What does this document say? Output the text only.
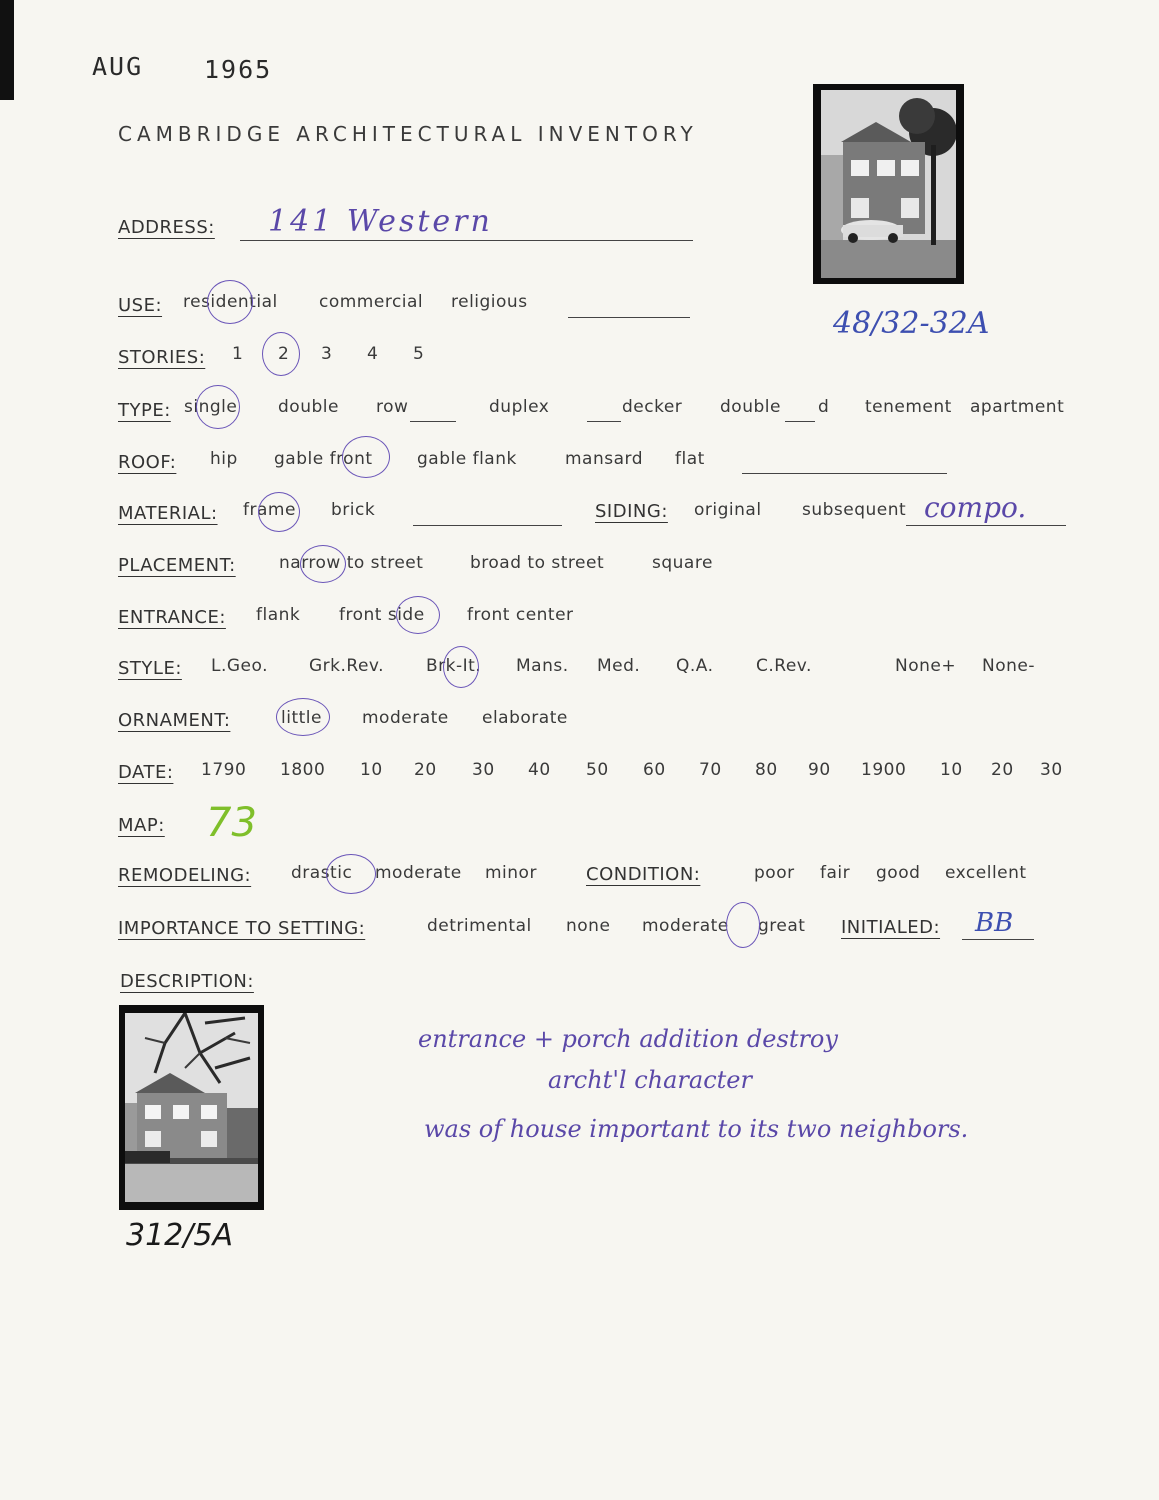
AUG 1965
CAMBRIDGE ARCHITECTURAL INVENTORY
48/32-32A
ADDRESS: 141 Western
USE: residential commercial religious
STORIES: 1 2 3 4 5
TYPE: single double row	duplex	decker double d tenement apartment
ROOF: hip gable front	gable flank	mansard flat
MATERIAL: frame brick	SIDING: original subsequent compo.
PLACEMENT:	narrow to street	broad to street	square
ENTRANCE: flank front side front center
STYLE: L.Geo. Grk.Rev. Brk-It. Mans. Med. Q.A. C.Rev.	None+ None-
ORNAMENT:	little moderate elaborate
DATE: 1790 1800 10 20 30 40 50 60 70 80 90 1900 10 20 30
MAP: 73
REMODELING: drastic moderate minor	CONDITION:	poor fair good excellent
IMPORTANCE TO SETTING:	detrimental none moderate great INITIALED: BB
DESCRIPTION:
312/5A
entrance + porch addition destroy
archt'l character
was of house important to its two neighbors.
